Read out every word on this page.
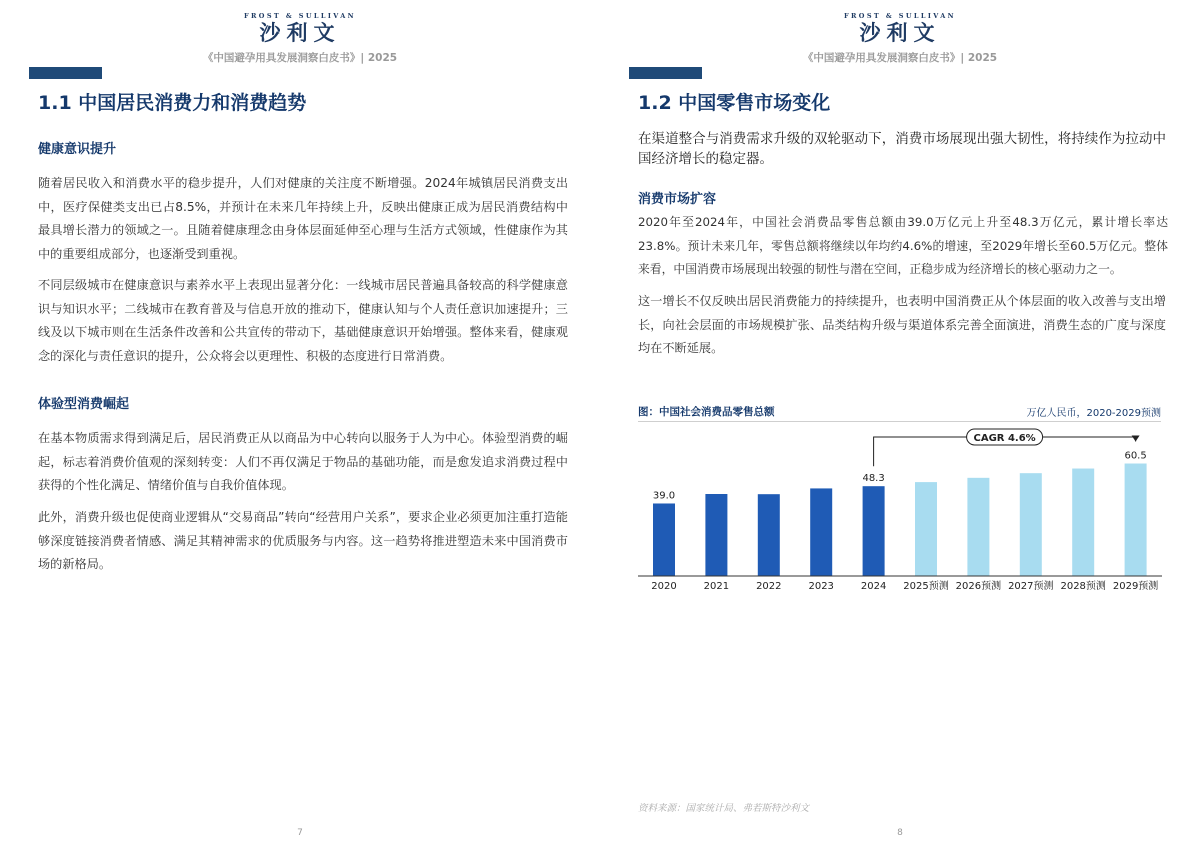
FROST & SULLIVAN
沙利文
《中国避孕用具发展洞察白皮书》| 2025
1.1 中国居民消费力和消费趋势
健康意识提升

随着居民收入和消费水平的稳步提升，人们对健康的关注度不断增强。2024年城镇居民消费支出中，医疗保健类支出已占8.5%，并预计在未来几年持续上升，反映出健康正成为居民消费结构中最具增长潜力的领域之一。且随着健康理念由身体层面延伸至心理与生活方式领域，性健康作为其中的重要组成部分，也逐渐受到重视。

不同层级城市在健康意识与素养水平上表现出显著分化：一线城市居民普遍具备较高的科学健康意识与知识水平；二线城市在教育普及与信息开放的推动下，健康认知与个人责任意识加速提升；三线及以下城市则在生活条件改善和公共宣传的带动下，基础健康意识开始增强。整体来看，健康观念的深化与责任意识的提升，公众将会以更理性、积极的态度进行日常消费。

体验型消费崛起

在基本物质需求得到满足后，居民消费正从以商品为中心转向以服务于人为中心。体验型消费的崛起，标志着消费价值观的深刻转变：人们不再仅满足于物品的基础功能，而是愈发追求消费过程中获得的个性化满足、情绪价值与自我价值体现。

此外，消费升级也促使商业逻辑从“交易商品”转向“经营用户关系”，要求企业必须更加注重打造能够深度链接消费者情感、满足其精神需求的优质服务与内容。这一趋势将推进塑造未来中国消费市场的新格局。

7
FROST & SULLIVAN
沙利文
《中国避孕用具发展洞察白皮书》| 2025
1.2 中国零售市场变化

在渠道整合与消费需求升级的双轮驱动下，消费市场展现出强大韧性，将持续作为拉动中国经济增长的稳定器。

消费市场扩容

2020年至2024年，中国社会消费品零售总额由39.0万亿元上升至48.3万亿元，累计增长率达23.8%。预计未来几年，零售总额将继续以年均约4.6%的增速，至2029年增长至60.5万亿元。整体来看，中国消费市场展现出较强的韧性与潜在空间，正稳步成为经济增长的核心驱动力之一。

这一增长不仅反映出居民消费能力的持续提升，也表明中国消费正从个体层面的收入改善与支出增长，向社会层面的市场规模扩张、品类结构升级与渠道体系完善全面演进，消费生态的广度与深度均在不断延展。

8
图：中国社会消费品零售总额	万亿人民币，2020-2029预测
2020
39.0
2021	2022	2023	2024
48.3
2025预测 2026预测 2027预测 2028预测 2029预测
60.5
CAGR 4.6%
资料来源：国家统计局、弗若斯特沙利文
